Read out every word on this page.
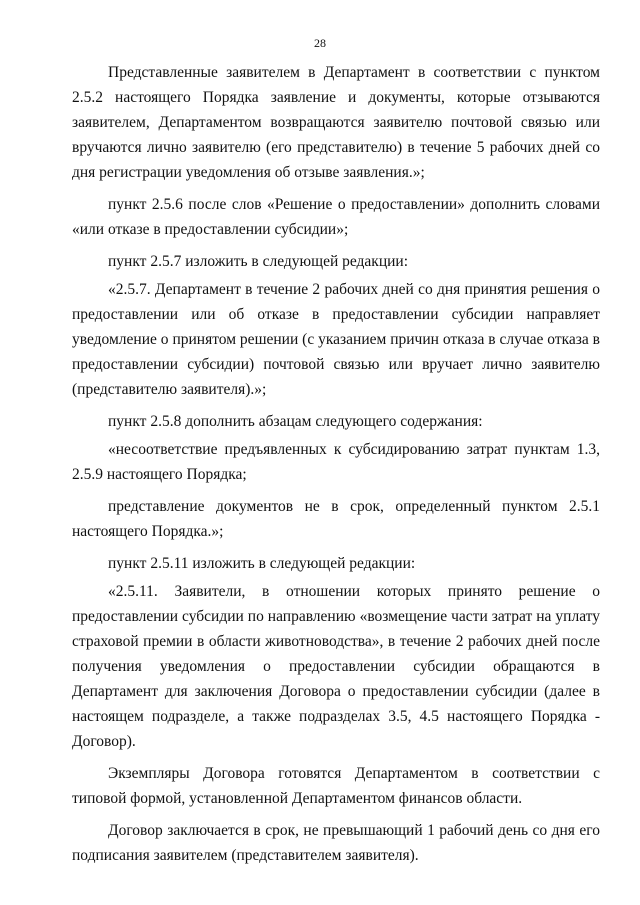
28

Представленные заявителем в Департамент в соответствии с пунктом 2.5.2 настоящего Порядка заявление и документы, которые отзываются заявителем, Департаментом возвращаются заявителю почтовой связью или вручаются лично заявителю (его представителю) в течение 5 рабочих дней со дня регистрации уведомления об отзыве заявления.»;

пункт 2.5.6 после слов «Решение о предоставлении» дополнить словами «или отказе в предоставлении субсидии»;

пункт 2.5.7 изложить в следующей редакции:

«2.5.7. Департамент в течение 2 рабочих дней со дня принятия решения о предоставлении или об отказе в предоставлении субсидии направляет уведомление о принятом решении (с указанием причин отказа в случае отказа в предоставлении субсидии) почтовой связью или вручает лично заявителю (представителю заявителя).»;

пункт 2.5.8 дополнить абзацам следующего содержания:

«несоответствие предъявленных к субсидированию затрат пунктам 1.3, 2.5.9 настоящего Порядка;

представление документов не в срок, определенный пунктом 2.5.1 настоящего Порядка.»;

пункт 2.5.11 изложить в следующей редакции:

«2.5.11. Заявители, в отношении которых принято решение о предоставлении субсидии по направлению «возмещение части затрат на уплату страховой премии в области животноводства», в течение 2 рабочих дней после получения уведомления о предоставлении субсидии обращаются в Департамент для заключения Договора о предоставлении субсидии (далее в настоящем подразделе, а также подразделах 3.5, 4.5 настоящего Порядка - Договор).

Экземпляры Договора готовятся Департаментом в соответствии с типовой формой, установленной Департаментом финансов области.

Договор заключается в срок, не превышающий 1 рабочий день со дня его подписания заявителем (представителем заявителя).
